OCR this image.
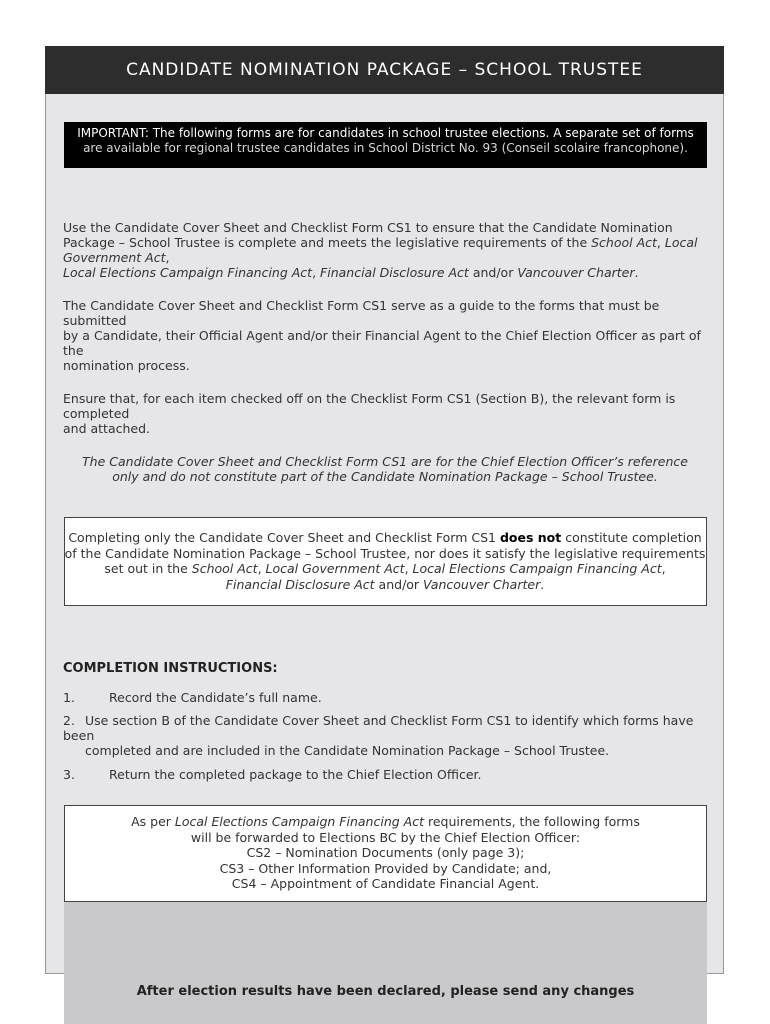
CANDIDATE NOMINATION PACKAGE – SCHOOL TRUSTEE
IMPORTANT: The following forms are for candidates in school trustee elections. A separate set of forms
are available for regional trustee candidates in School District No. 93 (Conseil scolaire francophone).
Use the Candidate Cover Sheet and Checklist Form CS1 to ensure that the Candidate Nomination Package – School Trustee is complete and meets the legislative requirements of the School Act, Local Government Act,
Local Elections Campaign Financing Act, Financial Disclosure Act and/or Vancouver Charter.
The Candidate Cover Sheet and Checklist Form CS1 serve as a guide to the forms that must be submitted
by a Candidate, their Official Agent and/or their Financial Agent to the Chief Election Officer as part of the
nomination process.
Ensure that, for each item checked off on the Checklist Form CS1 (Section B), the relevant form is completed
and attached.
The Candidate Cover Sheet and Checklist Form CS1 are for the Chief Election Officer’s reference
only and do not constitute part of the Candidate Nomination Package – School Trustee.
Completing only the Candidate Cover Sheet and Checklist Form CS1 does not constitute completion
of the Candidate Nomination Package – School Trustee, nor does it satisfy the legislative requirements
set out in the School Act, Local Government Act, Local Elections Campaign Financing Act,
Financial Disclosure Act and/or Vancouver Charter.
COMPLETION INSTRUCTIONS:
1.	Record the Candidate’s full name.
2. Use section B of the Candidate Cover Sheet and Checklist Form CS1 to identify which forms have been
completed and are included in the Candidate Nomination Package – School Trustee.
3.	Return the completed package to the Chief Election Officer.
As per Local Elections Campaign Financing Act requirements, the following forms
will be forwarded to Elections BC by the Chief Election Officer:
CS2 – Nomination Documents (only page 3);
CS3 – Other Information Provided by Candidate; and,
CS4 – Appointment of Candidate Financial Agent.
After election results have been declared, please send any changes
